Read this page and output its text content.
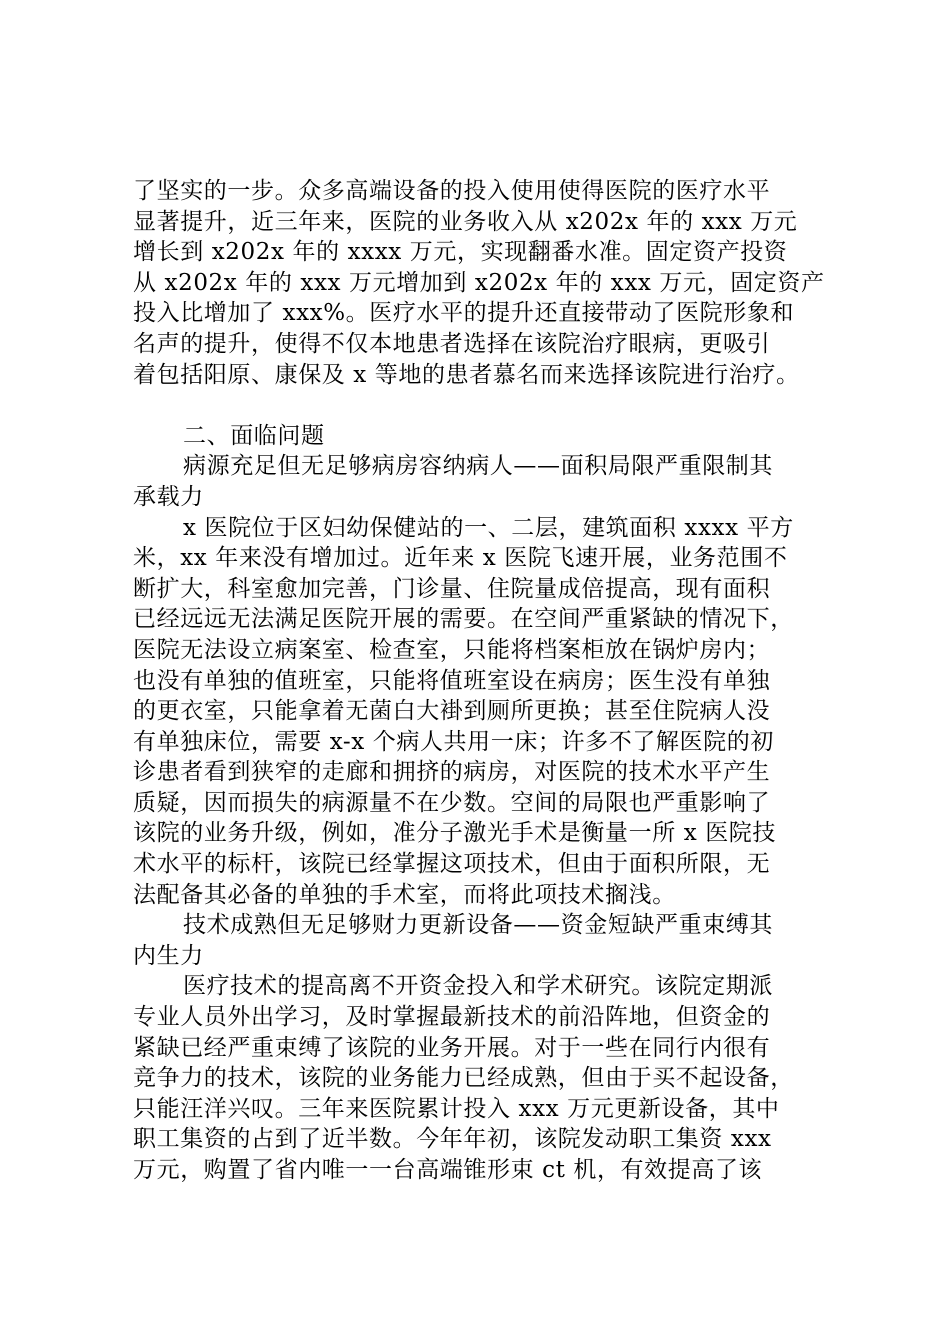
了坚实的一步。众多高端设备的投入使用使得医院的医疗水平
显著提升，近三年来，医院的业务收入从 x202x 年的 xxx 万元
增长到 x202x 年的 xxxx 万元，实现翻番水准。固定资产投资
从 x202x 年的 xxx 万元增加到 x202x 年的 xxx 万元，固定资产
投入比增加了 xxx%。医疗水平的提升还直接带动了医院形象和
名声的提升，使得不仅本地患者选择在该院治疗眼病，更吸引
着包括阳原、康保及 x 等地的患者慕名而来选择该院进行治疗。
二、面临问题
病源充足但无足够病房容纳病人——面积局限严重限制其
承载力
x 医院位于区妇幼保健站的一、二层，建筑面积 xxxx 平方
米，xx 年来没有增加过。近年来 x 医院飞速开展，业务范围不
断扩大，科室愈加完善，门诊量、住院量成倍提高，现有面积
已经远远无法满足医院开展的需要。在空间严重紧缺的情况下，
医院无法设立病案室、检查室，只能将档案柜放在锅炉房内；
也没有单独的值班室，只能将值班室设在病房；医生没有单独
的更衣室，只能拿着无菌白大褂到厕所更换；甚至住院病人没
有单独床位，需要 x-x 个病人共用一床；许多不了解医院的初
诊患者看到狭窄的走廊和拥挤的病房，对医院的技术水平产生
质疑，因而损失的病源量不在少数。空间的局限也严重影响了
该院的业务升级，例如，准分子激光手术是衡量一所 x 医院技
术水平的标杆，该院已经掌握这项技术，但由于面积所限，无
法配备其必备的单独的手术室，而将此项技术搁浅。
技术成熟但无足够财力更新设备——资金短缺严重束缚其
内生力
医疗技术的提高离不开资金投入和学术研究。该院定期派
专业人员外出学习，及时掌握最新技术的前沿阵地，但资金的
紧缺已经严重束缚了该院的业务开展。对于一些在同行内很有
竞争力的技术，该院的业务能力已经成熟，但由于买不起设备，
只能汪洋兴叹。三年来医院累计投入 xxx 万元更新设备，其中
职工集资的占到了近半数。今年年初，该院发动职工集资 xxx
万元，购置了省内唯一一台高端锥形束 ct 机，有效提高了该
